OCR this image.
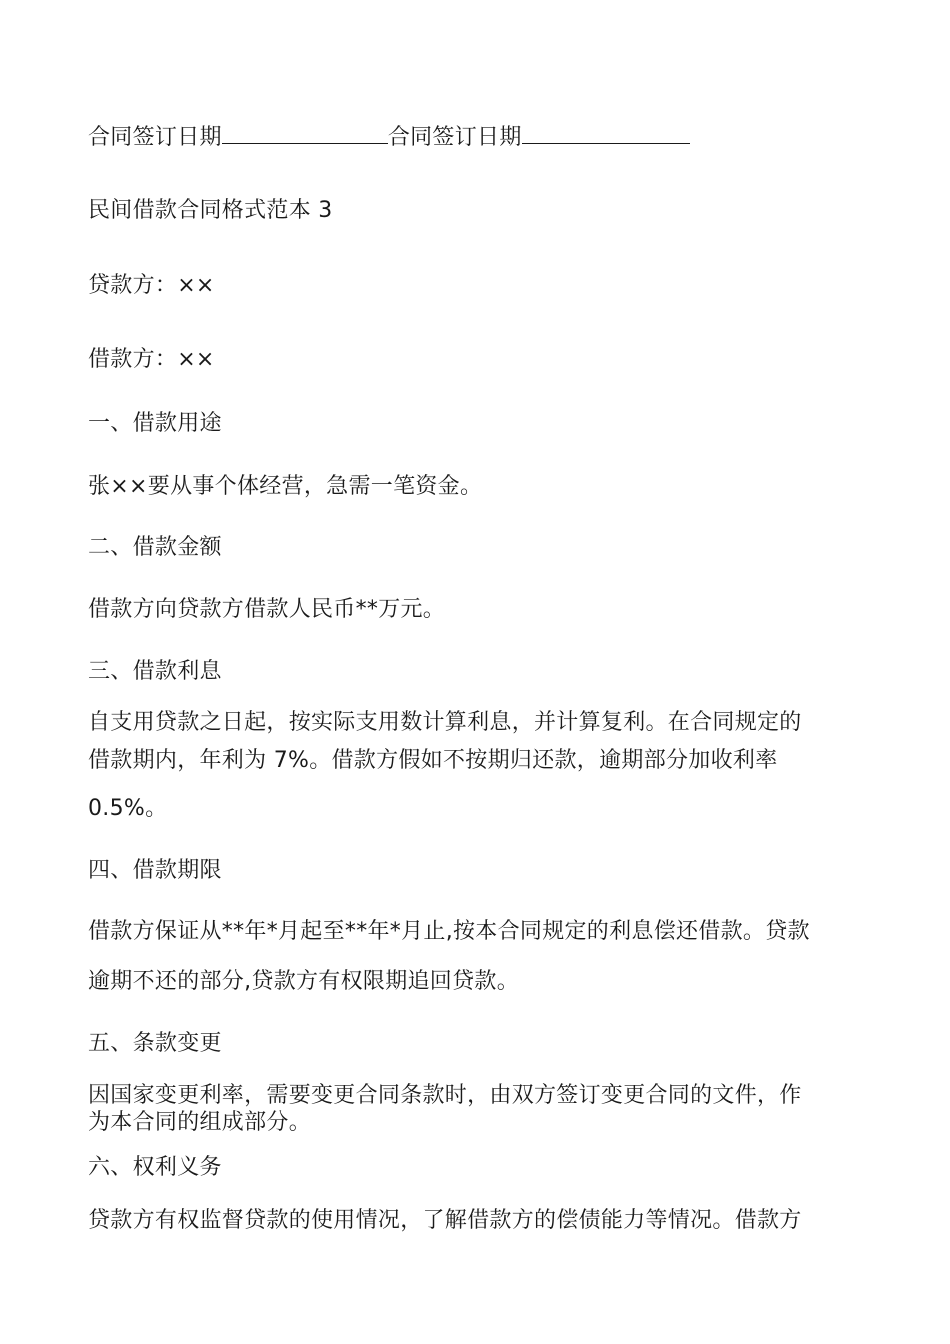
合同签订日期	合同签订日期

民间借款合同格式范本 3

贷款方：××

借款方：××

一、借款用途

张××要从事个体经营，急需一笔资金。

二、借款金额

借款方向贷款方借款人民币**万元。

三、借款利息

自支用贷款之日起，按实际支用数计算利息，并计算复利。在合同规定的
借款期内，年利为 7%。借款方假如不按期归还款，逾期部分加收利率

0.5%。

四、借款期限

借款方保证从**年*月起至**年*月止,按本合同规定的利息偿还借款。贷款

逾期不还的部分,贷款方有权限期追回贷款。

五、条款变更

因国家变更利率，需要变更合同条款时，由双方签订变更合同的文件，作
为本合同的组成部分。

六、权利义务

贷款方有权监督贷款的使用情况，了解借款方的偿债能力等情况。借款方
